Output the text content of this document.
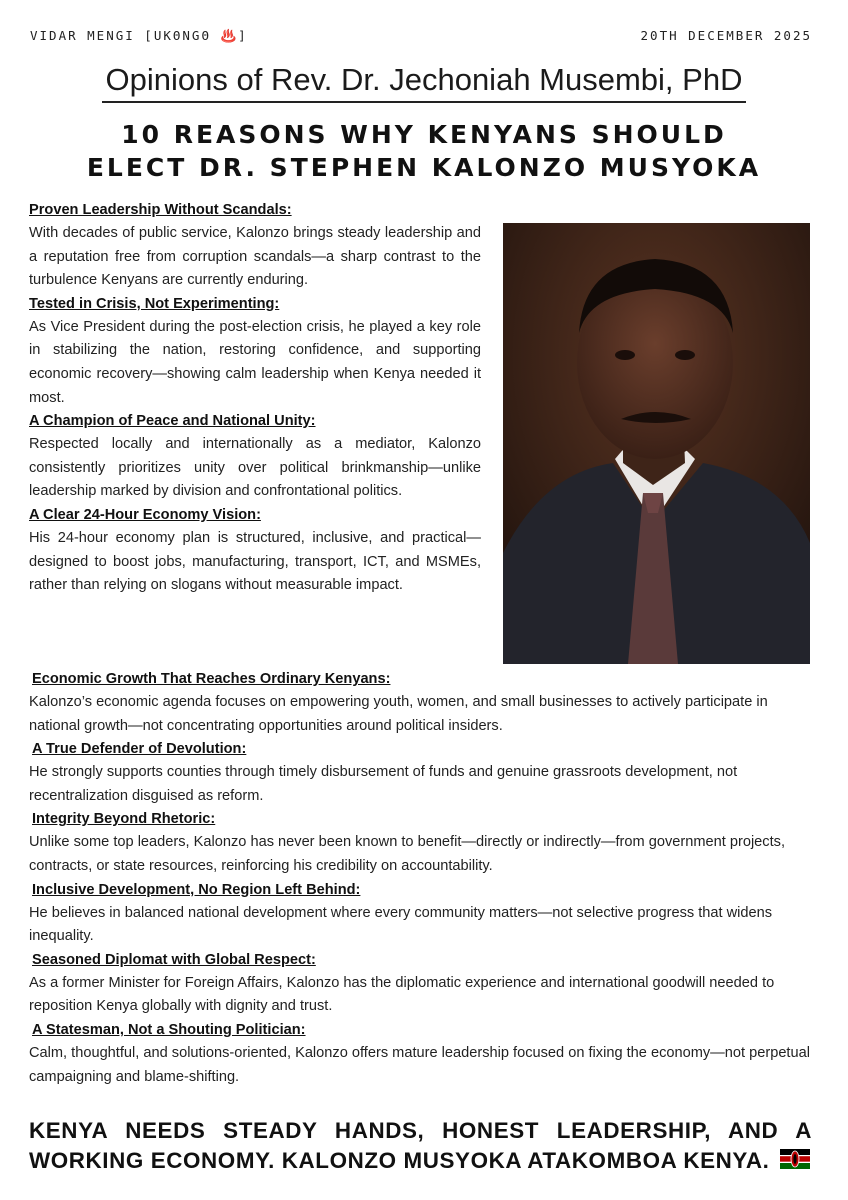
VIDAR MENGI [UKΘNGΘ ♨️]	20TH DECEMBER 2025
Opinions of Rev. Dr. Jechoniah Musembi, PhD
10 REASONS WHY KENYANS SHOULD
ELECT DR. STEPHEN KALONZO MUSYOKA
Proven Leadership Without Scandals:

With decades of public service, Kalonzo brings steady leadership and a reputation free from corruption scandals—a sharp contrast to the turbulence Kenyans are currently enduring.

Tested in Crisis, Not Experimenting:

As Vice President during the post-election crisis, he played a key role in stabilizing the nation, restoring confidence, and supporting economic recovery—showing calm leadership when Kenya needed it most.

A Champion of Peace and National Unity:

Respected locally and internationally as a mediator, Kalonzo consistently prioritizes unity over political brinkmanship—unlike leadership marked by division and confrontational politics.

A Clear 24-Hour Economy Vision:

His 24-hour economy plan is structured, inclusive, and practical—designed to boost jobs, manufacturing, transport, ICT, and MSMEs, rather than relying on slogans without measurable impact.

Economic Growth That Reaches Ordinary Kenyans:

Kalonzo’s economic agenda focuses on empowering youth, women, and small businesses to actively participate in national growth—not concentrating opportunities around political insiders.

A True Defender of Devolution:

He strongly supports counties through timely disbursement of funds and genuine grassroots development, not recentralization disguised as reform.

Integrity Beyond Rhetoric:

Unlike some top leaders, Kalonzo has never been known to benefit—directly or indirectly—from government projects, contracts, or state resources, reinforcing his credibility on accountability.

Inclusive Development, No Region Left Behind:

He believes in balanced national development where every community matters—not selective progress that widens inequality.

Seasoned Diplomat with Global Respect:

As a former Minister for Foreign Affairs, Kalonzo has the diplomatic experience and international goodwill needed to reposition Kenya globally with dignity and trust.

A Statesman, Not a Shouting Politician:

Calm, thoughtful, and solutions-oriented, Kalonzo offers mature leadership focused on fixing the economy—not perpetual campaigning and blame-shifting.

KENYA NEEDS STEADY HANDS, HONEST LEADERSHIP, AND A WORKING ECONOMY. KALONZO MUSYOKA ATAKOMBOA KENYA.
